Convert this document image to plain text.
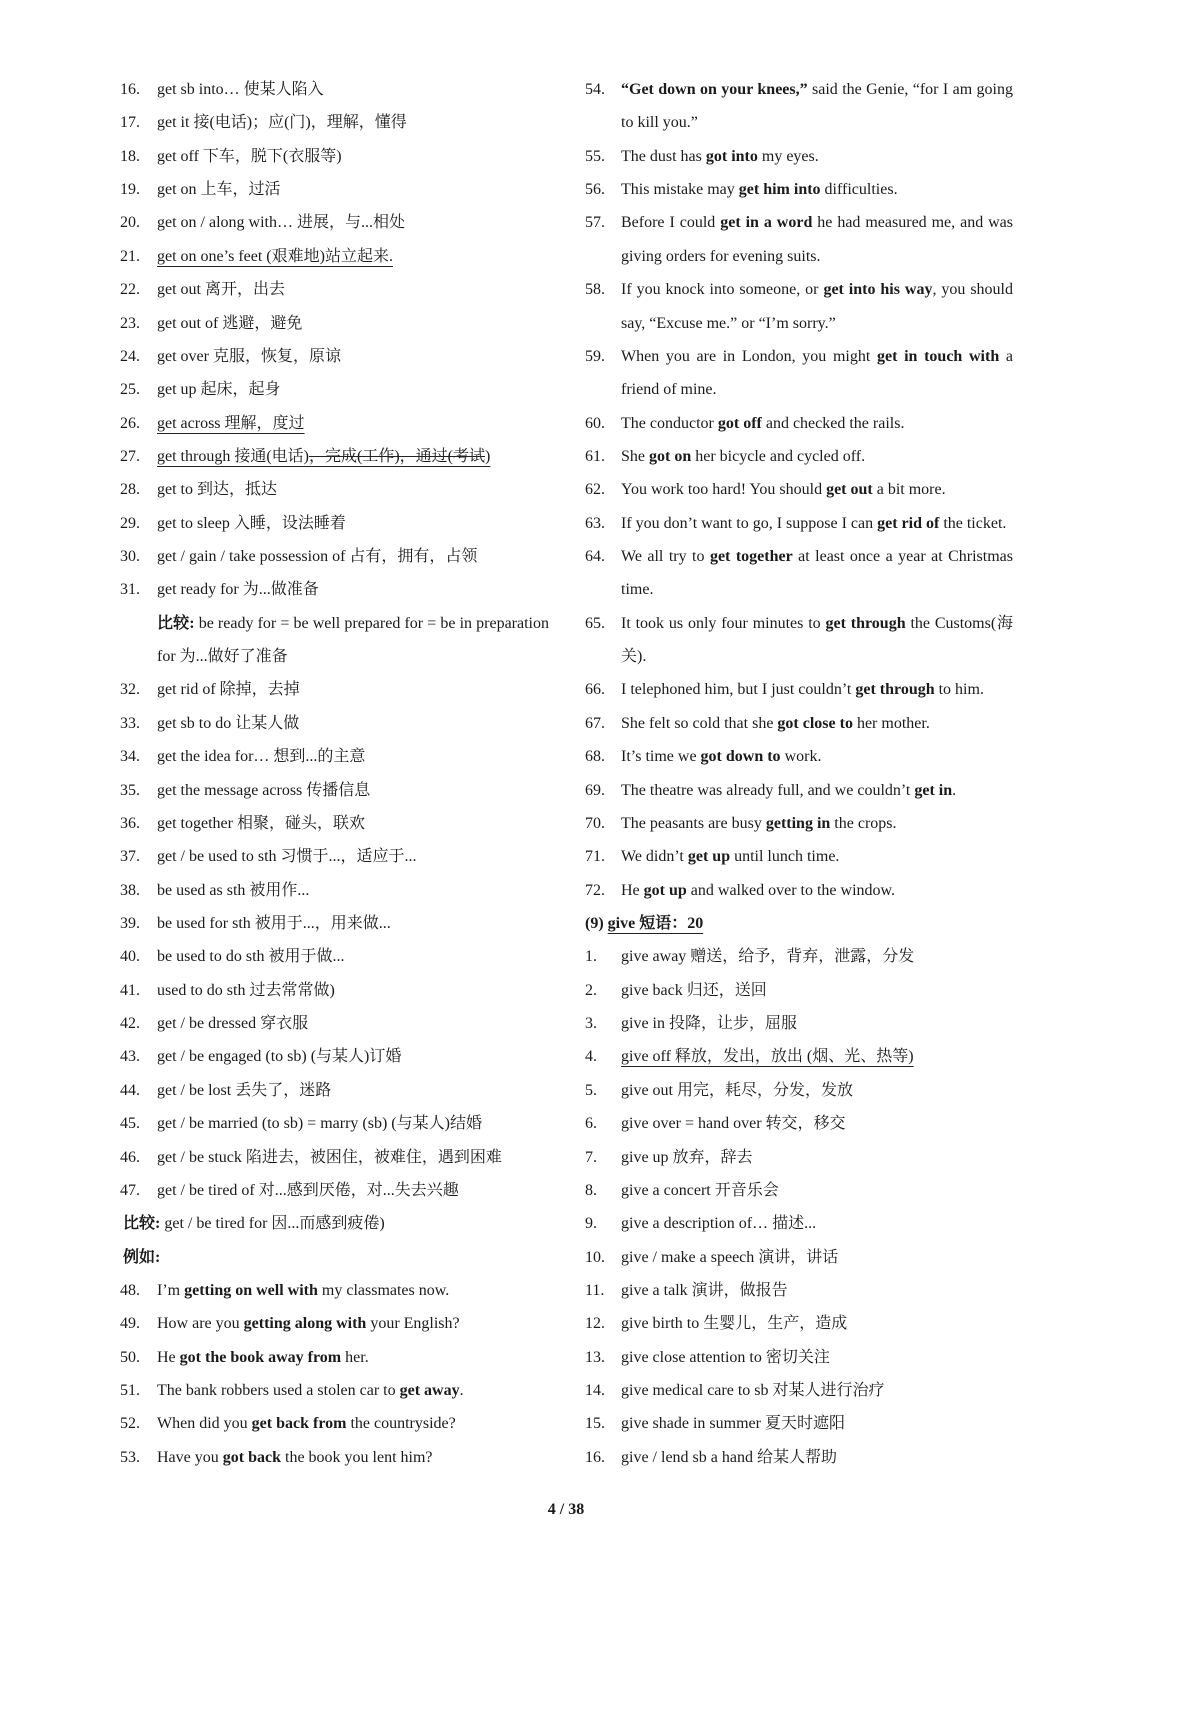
16. get sb into… 使某人陷入
17. get it 接(电话)；应(门)，理解，懂得
18. get off 下车，脱下(衣服等)
19. get on 上车，过活
20. get on / along with… 进展，与...相处
21. get on one’s feet (艰难地)站立起来.
22. get out 离开，出去
23. get out of 逃避，避免
24. get over 克服，恢复，原谅
25. get up 起床，起身
26. get across 理解，度过
27. get through 接通(电话)，完成(工作)，通过(考试)
28. get to 到达，抵达
29. get to sleep 入睡，设法睡着
30. get / gain / take possession of 占有，拥有，占领
31. get ready for 为...做准备
比较: be ready for = be well prepared for = be in preparation
for 为...做好了准备
32. get rid of 除掉，去掉
33. get sb to do 让某人做
34. get the idea for… 想到...的主意
35. get the message across 传播信息
36. get together 相聚，碰头，联欢
37. get / be used to sth 习惯于...，适应于...
38. be used as sth 被用作...
39. be used for sth 被用于...，用来做...
40. be used to do sth 被用于做...
41. used to do sth 过去常常做)
42. get / be dressed 穿衣服
43. get / be engaged (to sb) (与某人)订婚
44. get / be lost 丢失了，迷路
45. get / be married (to sb) = marry (sb) (与某人)结婚
46. get / be stuck 陷进去，被困住，被难住，遇到困难
47. get / be tired of 对...感到厌倦，对...失去兴趣
比较: get / be tired for 因...而感到疲倦)
例如:
48. I’m getting on well with my classmates now.
49. How are you getting along with your English?
50. He got the book away from her.
51. The bank robbers used a stolen car to get away.
52. When did you get back from the countryside?
53. Have you got back the book you lent him?
54. “Get down on your knees,” said the Genie, “for I am going
to kill you.”
55. The dust has got into my eyes.
56. This mistake may get him into difficulties.
57. Before I could get in a word he had measured me, and was
giving orders for evening suits.
58. If you knock into someone, or get into his way, you should
say, “Excuse me.” or “I’m sorry.”
59. When you are in London, you might get in touch with a
friend of mine.
60. The conductor got off and checked the rails.
61. She got on her bicycle and cycled off.
62. You work too hard! You should get out a bit more.
63. If you don’t want to go, I suppose I can get rid of the ticket.
64. We all try to get together at least once a year at Christmas
time.
65. It took us only four minutes to get through the Customs(海
关).
66. I telephoned him, but I just couldn’t get through to him.
67. She felt so cold that she got close to her mother.
68. It’s time we got down to work.
69. The theatre was already full, and we couldn’t get in.
70. The peasants are busy getting in the crops.
71. We didn’t get up until lunch time.
72. He got up and walked over to the window.
(9) give 短语：20
1. give away 赠送，给予，背弃，泄露，分发
2. give back 归还，送回
3. give in 投降，让步，屈服
4. give off 释放，发出，放出 (烟、光、热等)
5. give out 用完，耗尽，分发，发放
6. give over = hand over 转交，移交
7. give up 放弃，辞去
8. give a concert 开音乐会
9. give a description of… 描述...
10. give / make a speech 演讲，讲话
11. give a talk 演讲，做报告
12. give birth to 生婴儿，生产，造成
13. give close attention to 密切关注
14. give medical care to sb 对某人进行治疗
15. give shade in summer 夏天时遮阳
16. give / lend sb a hand 给某人帮助
4 / 38
